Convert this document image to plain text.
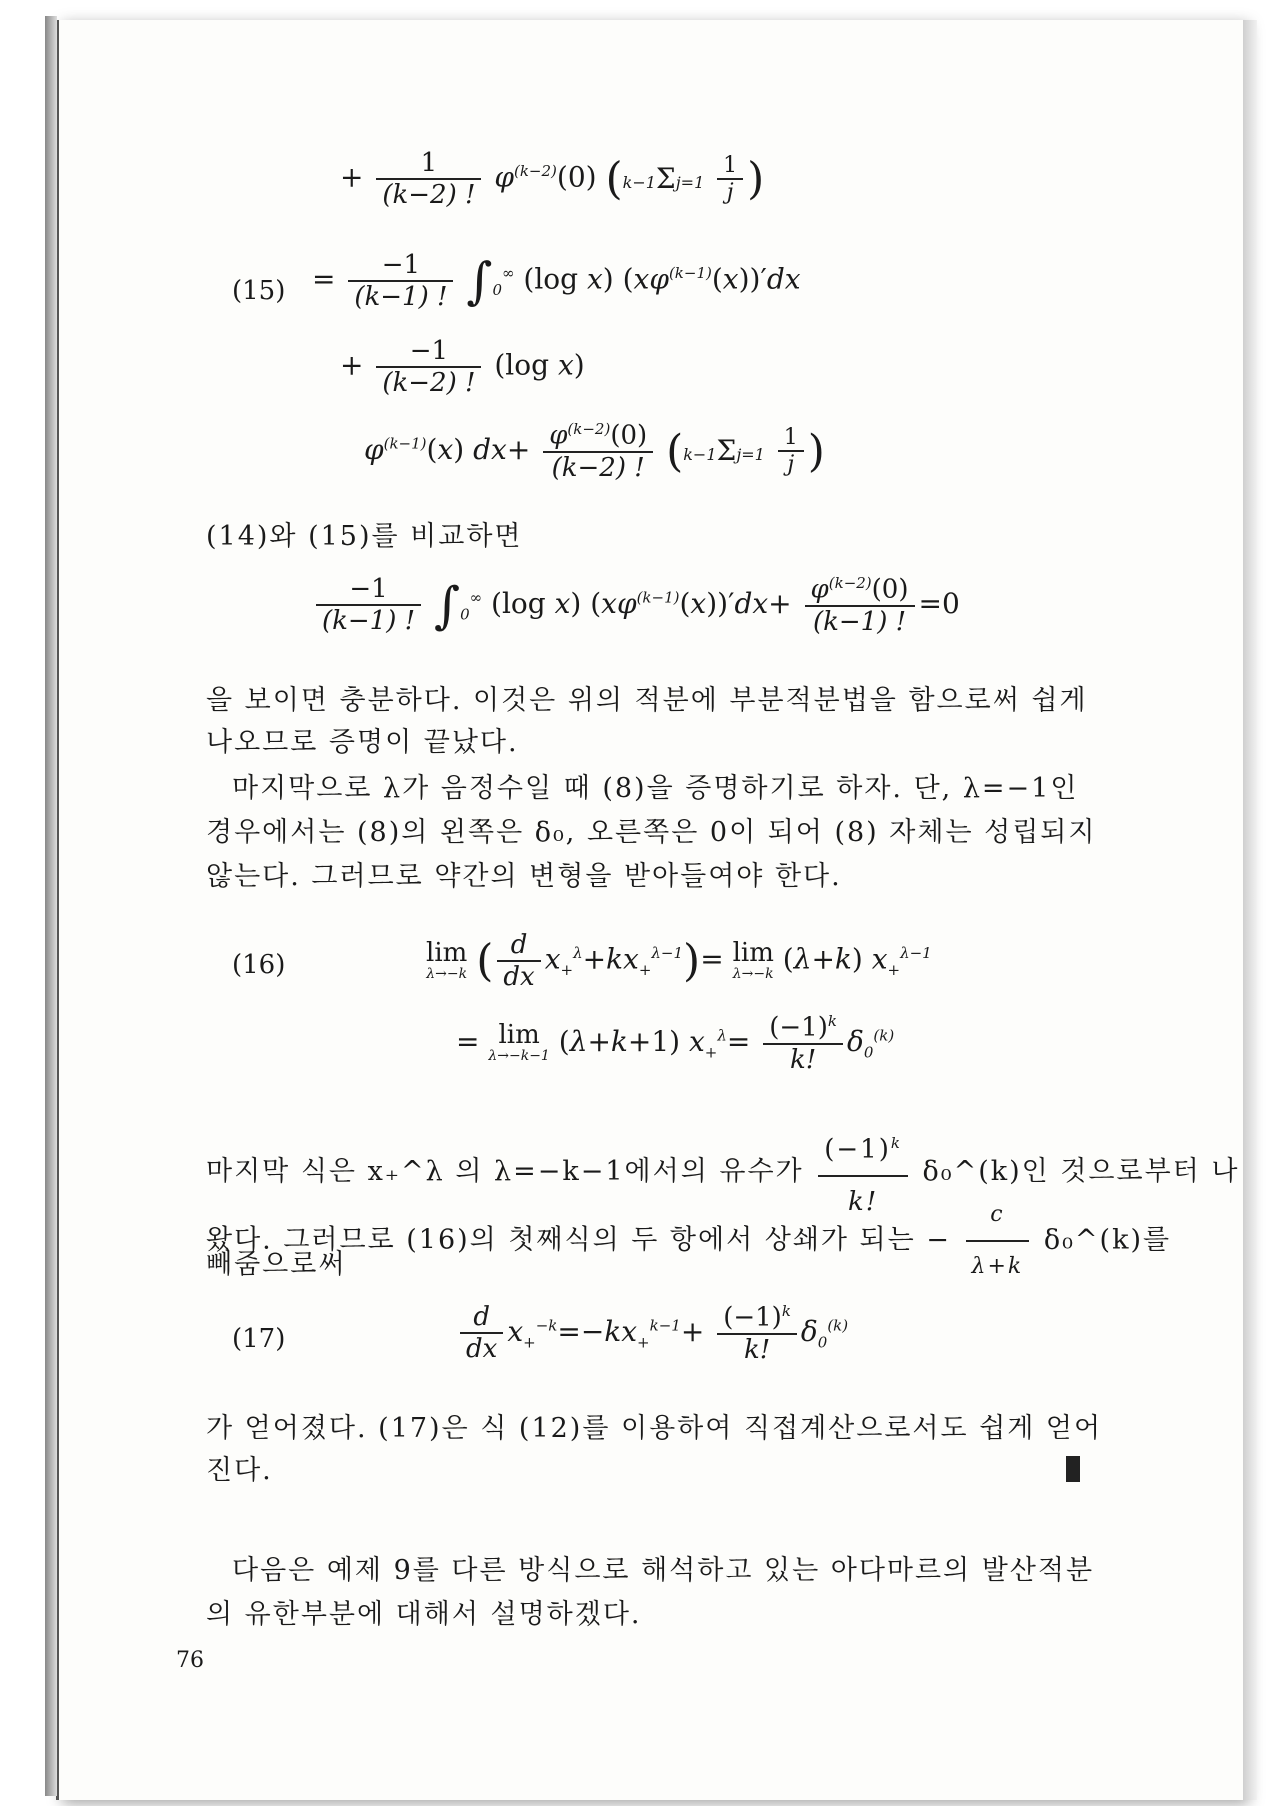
+ $\frac{1}{(k-2) !} \varphi^{(k-2)}(0)$ ($k-1\Sigma j=1 \frac{1}{j}$ )
$(15) = \frac{-1}{(k-1) !} \int_0^\infty$ (log x) $(x\varphi^{(k-1)}(x))'dx$
+ $\frac{-1}{(k-2) !} (\log$ x)
$\varphi^{(k-1)}(x)$ $dx+ \frac{\varphi^{(k-2)}(0)}{(k-2) !} (k-1\Sigma j=1 \frac{1}{j}$ )
(14)와 (15)를 비교하면
$\frac{-1}{(k-1) !} \int_0^\infty$ (log x) $(x\varphi^{(k-1)}(x))'dx+ \frac{\varphi^{(k-2)}(0)}{(k-1) !} =0$
을 보이면 충분하다. 이것은 위의 적분에 부분적분법을 함으로써 쉽게
나오므로 증명이 끝났다.
마지막으로 λ가 음정수일 때 (8)을 증명하기로 하자. 단, λ=−1인
경우에서는 (8)의 왼쪽은 δ₀, 오른쪽은 0이 되어 (8) 자체는 성립되지
않는다. 그러므로 약간의 변형을 받아들여야 한다.
(16)	lim
λ→−k ( $\frac{d}{dx} x_+^\lambda+kx_+^{\lambda-1})= \lim$
λ→−k (λ+k) $x_+^{\lambda-1}$
= lim
λ→−k−1 (λ+k+1) $x_+^\lambda= \frac{(-1)^k}{k!} \delta_0^{(k)}$
마지막 식은 x₊^λ 의 λ=−k−1에서의 유수가 $\frac{(-1)^k}{k!}$ δ₀^(k)인 것으로부터 나
왔다. 그러므로 (16)의 첫째식의 두 항에서 상쇄가 되는 − $\frac{c}{\lambda+k}$ δ₀^(k)를
빼줌으로써
(17)	$\frac{d}{dx} x_+^{-k}=-kx_+^{k-1}+ \frac{(-1)^k}{k!} \delta_0^{(k)}$
가 얻어졌다. (17)은 식 (12)를 이용하여 직접계산으로서도 쉽게 얻어
진다.
다음은 예제 9를 다른 방식으로 해석하고 있는 아다마르의 발산적분
의 유한부분에 대해서 설명하겠다.
76
